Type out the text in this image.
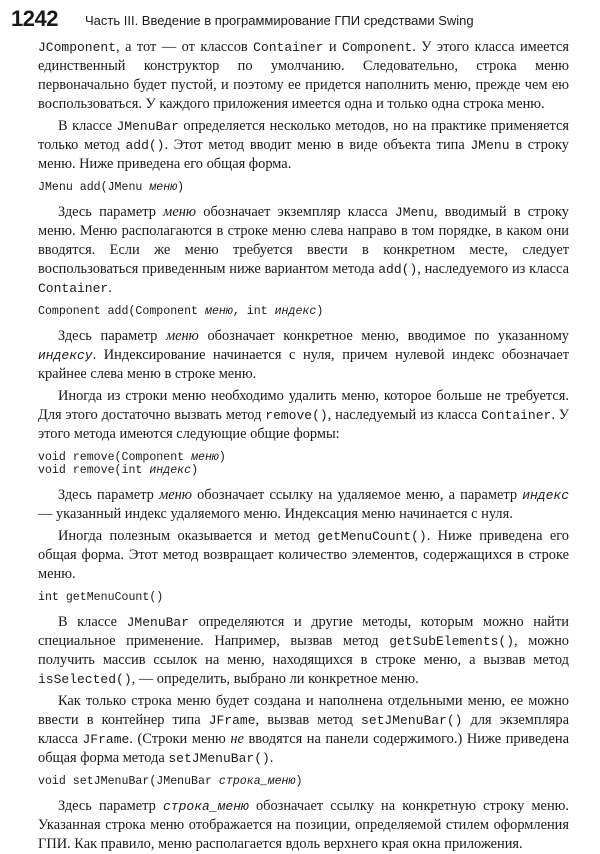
1242 Часть III. Введение в программирование ГПИ средствами Swing

JComponent, а тот — от классов Container и Component. У этого класса имеется единственный конструктор по умолчанию. Следовательно, строка меню первоначально будет пустой, и поэтому ее придется наполнить меню, прежде чем ею воспользоваться. У каждого приложения имеется одна и только одна строка меню.

В классе JMenuBar определяется несколько методов, но на практике применяется только метод add(). Этот метод вводит меню в виде объекта типа JMenu в строку меню. Ниже приведена его общая форма.

JMenu add(JMenu меню)

Здесь параметр меню обозначает экземпляр класса JMenu, вводимый в строку меню. Меню располагаются в строке меню слева направо в том порядке, в каком они вводятся. Если же меню требуется ввести в конкретном месте, следует воспользоваться приведенным ниже вариантом метода add(), наследуемого из класса Container.

Component add(Component меню, int индекс)

Здесь параметр меню обозначает конкретное меню, вводимое по указанному индексу. Индексирование начинается с нуля, причем нулевой индекс обозначает крайнее слева меню в строке меню.

Иногда из строки меню необходимо удалить меню, которое больше не требуется. Для этого достаточно вызвать метод remove(), наследуемый из класса Container. У этого метода имеются следующие общие формы:

void remove(Component меню)
void remove(int индекс)

Здесь параметр меню обозначает ссылку на удаляемое меню, а параметр индекс — указанный индекс удаляемого меню. Индексация меню начинается с нуля.

Иногда полезным оказывается и метод getMenuCount(). Ниже приведена его общая форма. Этот метод возвращает количество элементов, содержащихся в строке меню.

int getMenuCount()

В классе JMenuBar определяются и другие методы, которым можно найти специальное применение. Например, вызвав метод getSubElements(), можно получить массив ссылок на меню, находящихся в строке меню, а вызвав метод isSelected(), — определить, выбрано ли конкретное меню.

Как только строка меню будет создана и наполнена отдельными меню, ее можно ввести в контейнер типа JFrame, вызвав метод setJMenuBar() для экземпляра класса JFrame. (Строки меню не вводятся на панели содержимого.) Ниже приведена общая форма метода setJMenuBar().

void setJMenuBar(JMenuBar строка_меню)

Здесь параметр строка_меню обозначает ссылку на конкретную строку меню. Указанная строка меню отображается на позиции, определяемой стилем оформления ГПИ. Как правило, меню располагается вдоль верхнего края окна приложения.
